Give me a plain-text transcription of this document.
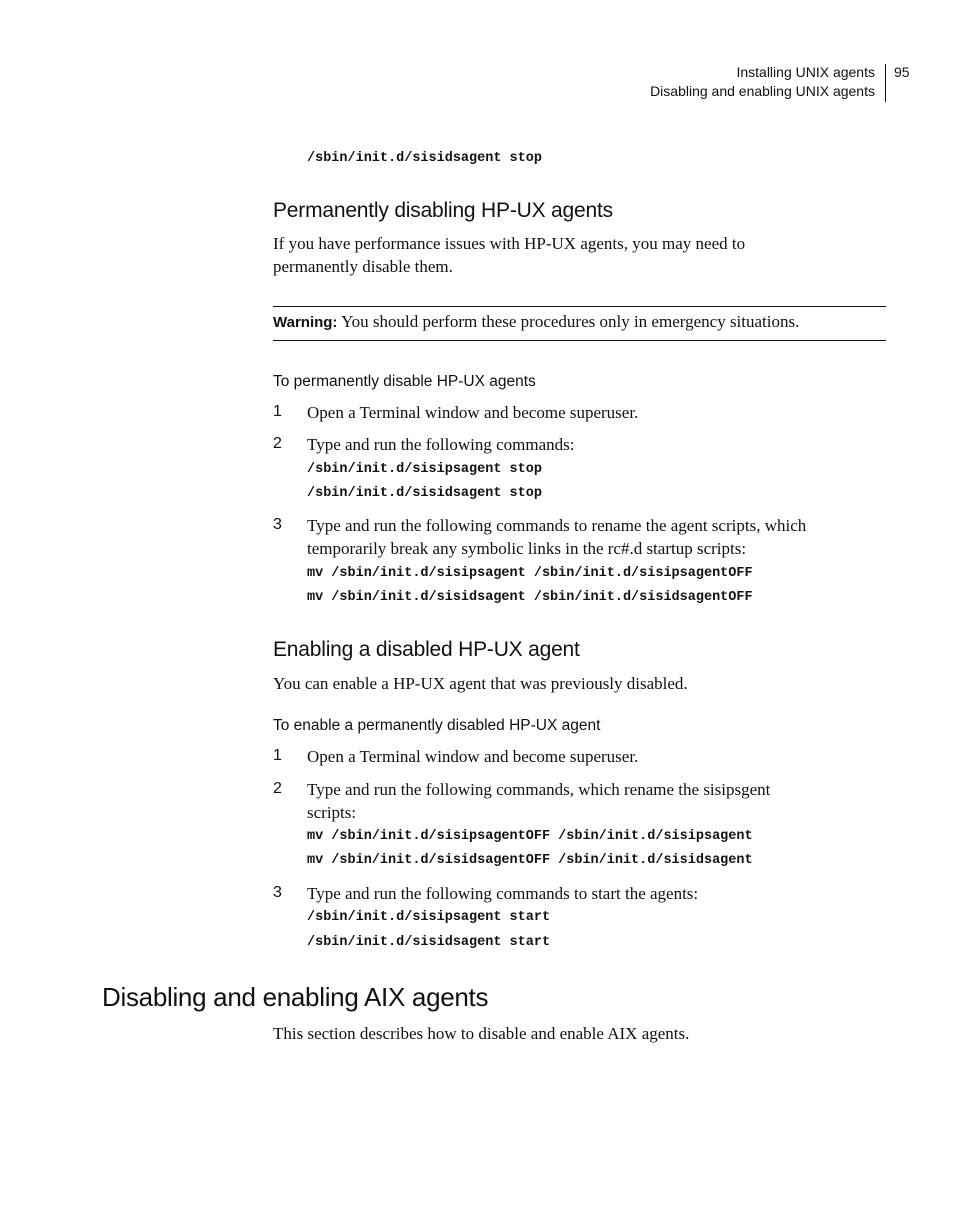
Installing UNIX agents
Disabling and enabling UNIX agents
95
/sbin/init.d/sisidsagent stop
Permanently disabling HP-UX agents
If you have performance issues with HP-UX agents, you may need to
permanently disable them.
Warning: You should perform these procedures only in emergency situations.
To permanently disable HP-UX agents
1 Open a Terminal window and become superuser.
2 Type and run the following commands:
/sbin/init.d/sisipsagent stop
/sbin/init.d/sisidsagent stop
3 Type and run the following commands to rename the agent scripts, which
temporarily break any symbolic links in the rc#.d startup scripts:
mv /sbin/init.d/sisipsagent /sbin/init.d/sisipsagentOFF
mv /sbin/init.d/sisidsagent /sbin/init.d/sisidsagentOFF
Enabling a disabled HP-UX agent
You can enable a HP-UX agent that was previously disabled.
To enable a permanently disabled HP-UX agent
1 Open a Terminal window and become superuser.
2 Type and run the following commands, which rename the sisipsgent
scripts:
mv /sbin/init.d/sisipsagentOFF /sbin/init.d/sisipsagent
mv /sbin/init.d/sisidsagentOFF /sbin/init.d/sisidsagent
3 Type and run the following commands to start the agents:
/sbin/init.d/sisipsagent start
/sbin/init.d/sisidsagent start
Disabling and enabling AIX agents
This section describes how to disable and enable AIX agents.
